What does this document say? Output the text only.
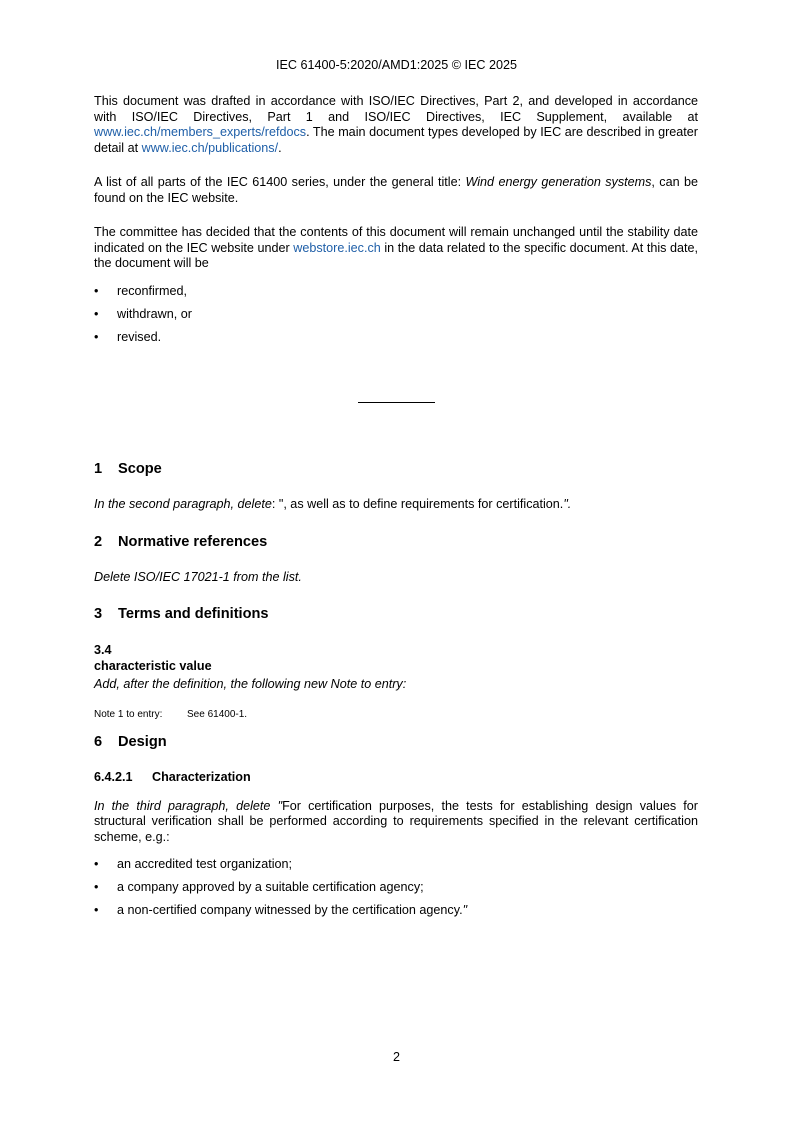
IEC 61400-5:2020/AMD1:2025 © IEC 2025

This document was drafted in accordance with ISO/IEC Directives, Part 2, and developed in accordance with ISO/IEC Directives, Part 1 and ISO/IEC Directives, IEC Supplement, available at www.iec.ch/members_experts/refdocs. The main document types developed by IEC are described in greater detail at www.iec.ch/publications/.

A list of all parts of the IEC 61400 series, under the general title: Wind energy generation systems, can be found on the IEC website.

The committee has decided that the contents of this document will remain unchanged until the stability date indicated on the IEC website under webstore.iec.ch in the data related to the specific document. At this date, the document will be

• reconfirmed,
• withdrawn, or
• revised.
1 Scope

In the second paragraph, delete: ", as well as to define requirements for certification.".

2 Normative references

Delete ISO/IEC 17021-1 from the list.

3 Terms and definitions
3.4
characteristic value

Add, after the definition, the following new Note to entry:

Note 1 to entry: See 61400-1.

6 Design
6.4.2.1 Characterization

In the third paragraph, delete "For certification purposes, the tests for establishing design values for structural verification shall be performed according to requirements specified in the relevant certification scheme, e.g.:

• an accredited test organization;
• a company approved by a suitable certification agency;
• a non-certified company witnessed by the certification agency."
2
